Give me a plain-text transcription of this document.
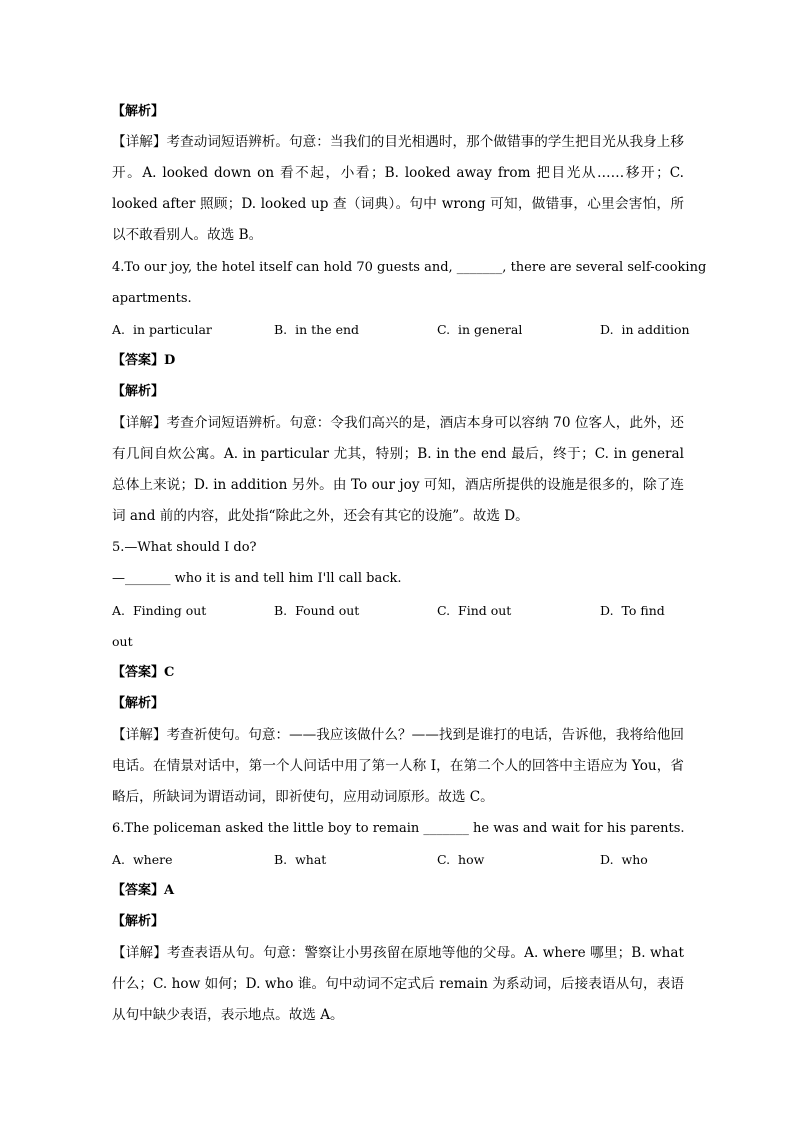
【解析】
【详解】考查动词短语辨析。句意：当我们的目光相遇时，那个做错事的学生把目光从我身上移开。A. looked down on 看不起，小看；B. looked away from 把目光从……移开；C. looked after 照顾；D. looked up 查（词典）。句中 wrong 可知，做错事，心里会害怕，所以不敢看别人。故选 B。
4.To our joy, the hotel itself can hold 70 guests and, _______, there are several self-cooking
apartments.
A.  in particular	B.  in the end	C.  in general	D.  in addition
【答案】D
【解析】
【详解】考查介词短语辨析。句意：令我们高兴的是，酒店本身可以容纳 70 位客人，此外，还有几间自炊公寓。A. in particular 尤其，特别；B. in the end 最后，终于；C. in general 总体上来说；D. in addition 另外。由 To our joy 可知，酒店所提供的设施是很多的，除了连词 and 前的内容，此处指“除此之外，还会有其它的设施”。故选 D。
5.—What should I do?
—_______ who it is and tell him I'll call back.
A.  Finding out	B.  Found out	C.  Find out	D.  To find
out
【答案】C
【解析】
【详解】考查祈使句。句意：——我应该做什么？——找到是谁打的电话，告诉他，我将给他回电话。在情景对话中，第一个人问话中用了第一人称 I，在第二个人的回答中主语应为 You，省略后，所缺词为谓语动词，即祈使句，应用动词原形。故选 C。
6.The policeman asked the little boy to remain _______ he was and wait for his parents.
A.  where	B.  what	C.  how	D.  who
【答案】A
【解析】
【详解】考查表语从句。句意：警察让小男孩留在原地等他的父母。A. where 哪里；B. what 什么；C. how 如何；D. who 谁。句中动词不定式后 remain 为系动词，后接表语从句，表语从句中缺少表语，表示地点。故选 A。
